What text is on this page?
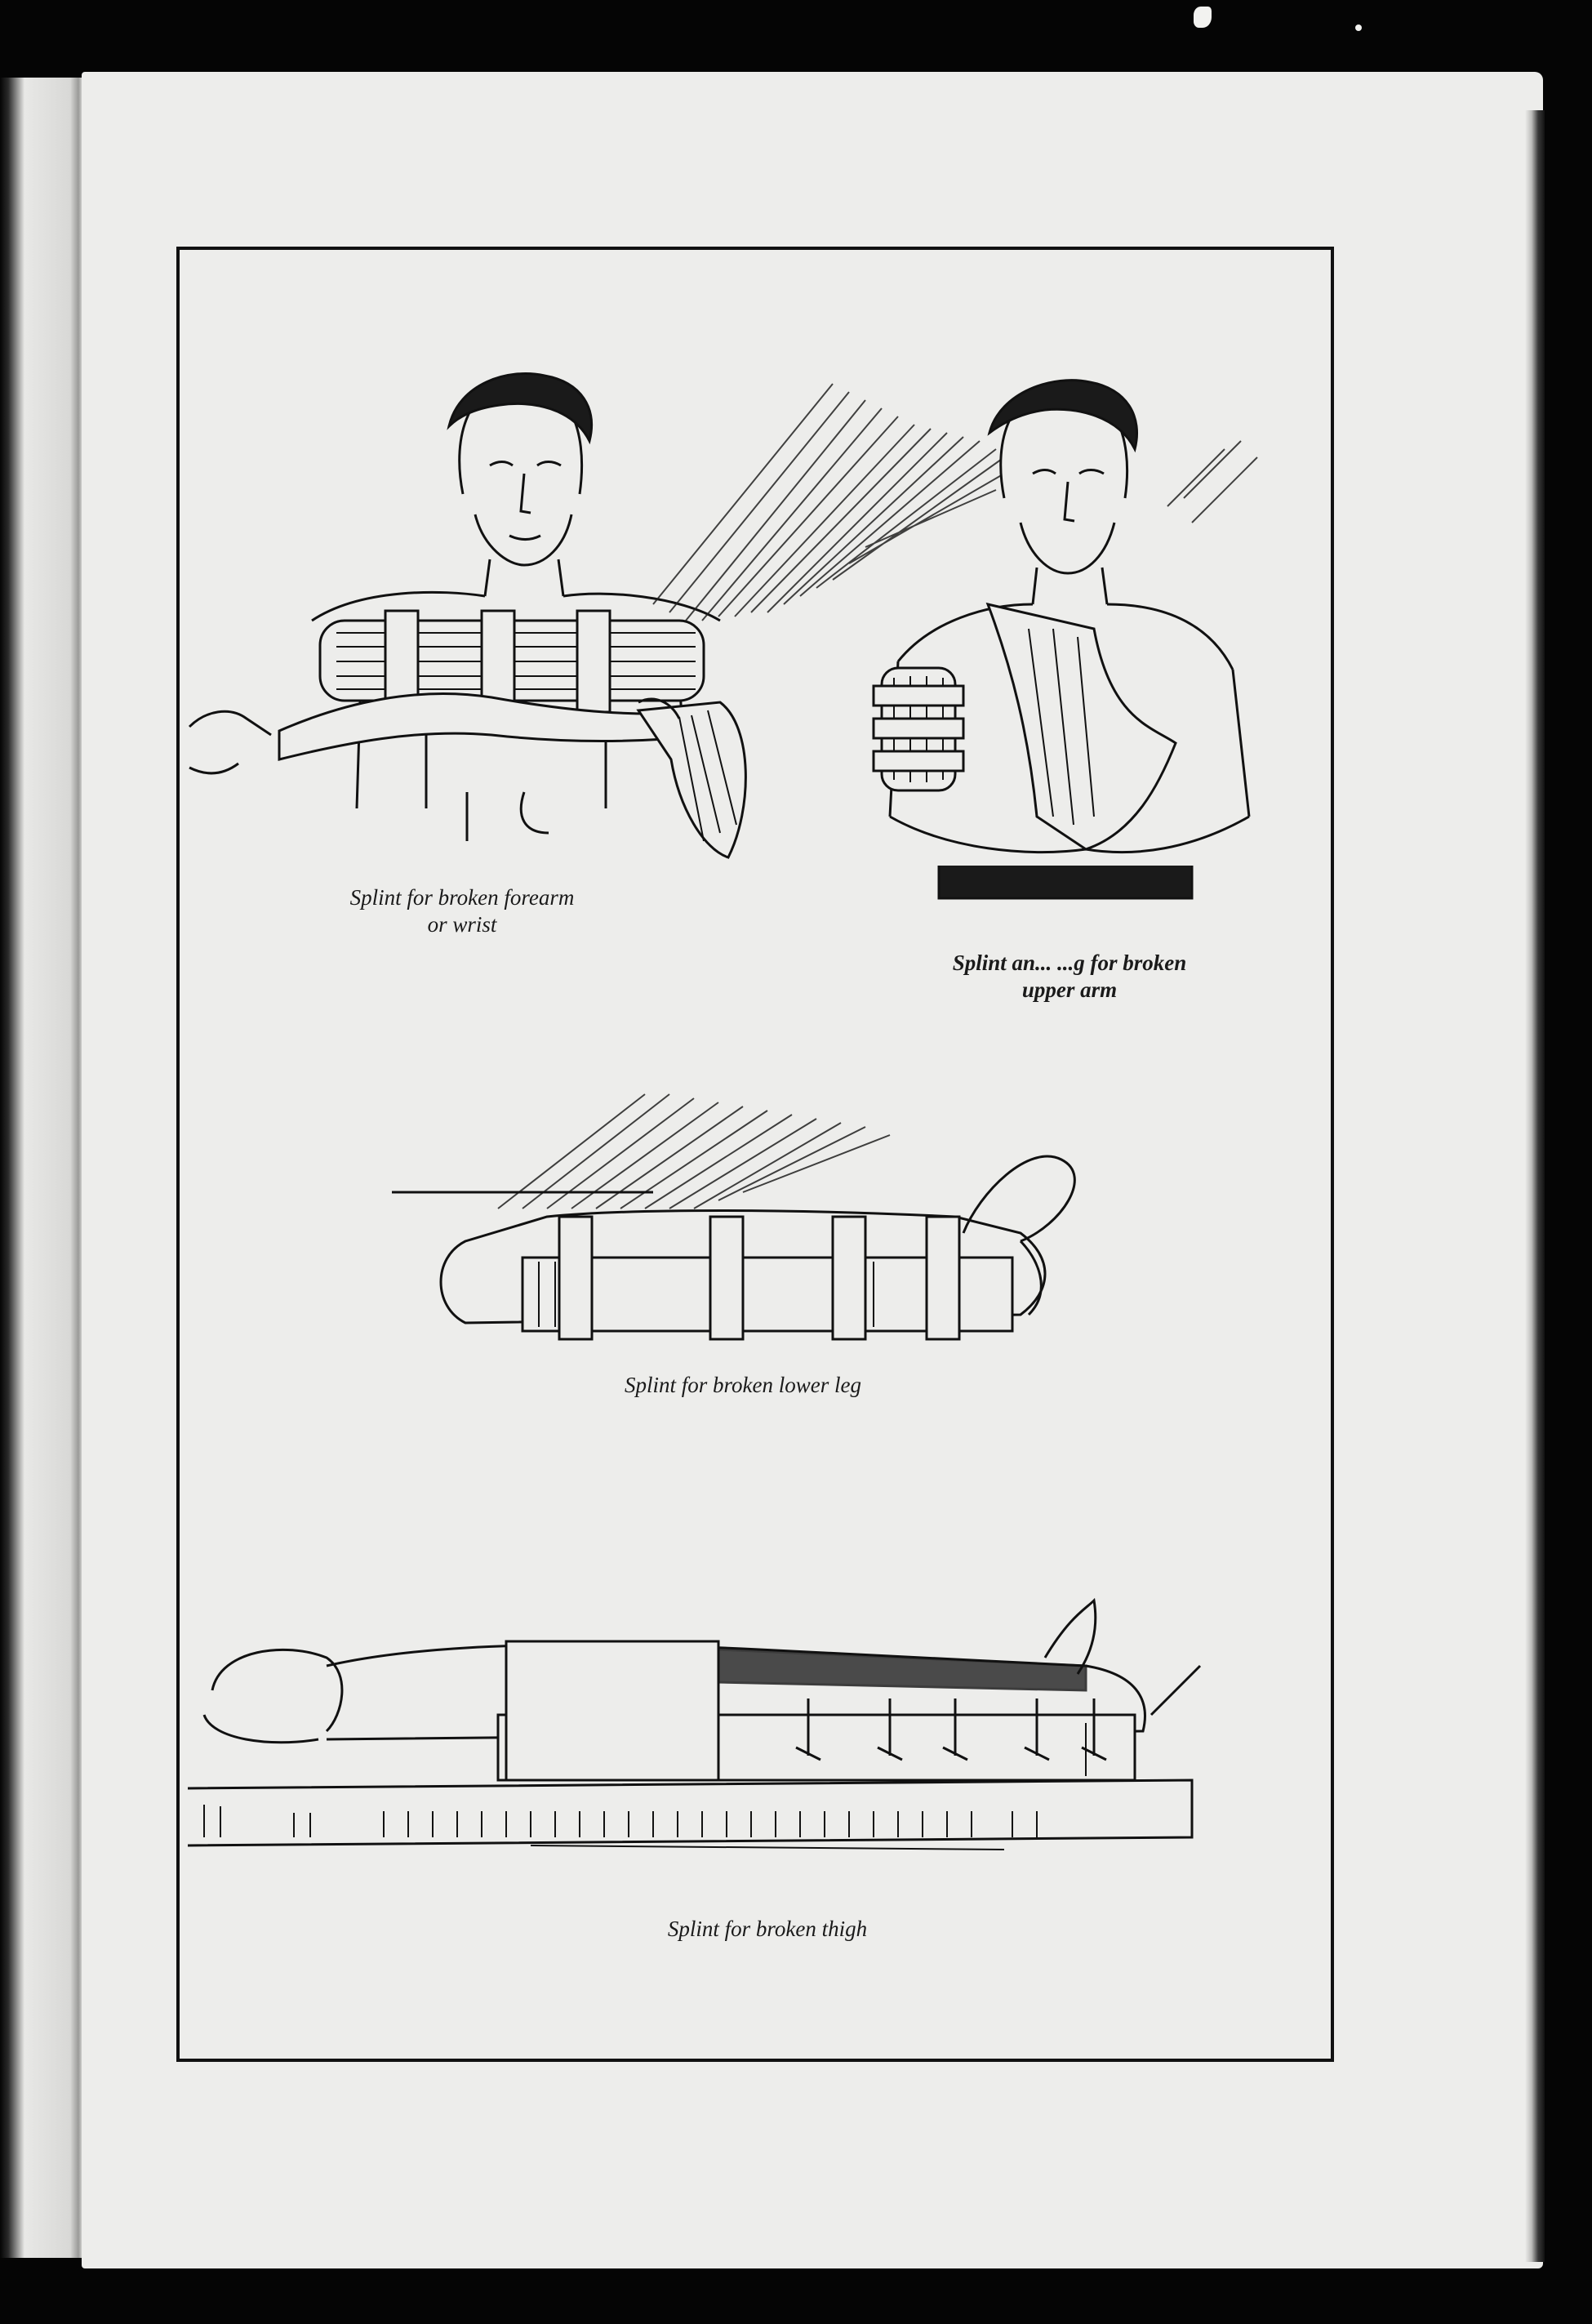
Splint for broken forearm
or wrist

Splint an... ...g for broken
upper arm

Splint for broken lower leg

Splint for broken thigh
